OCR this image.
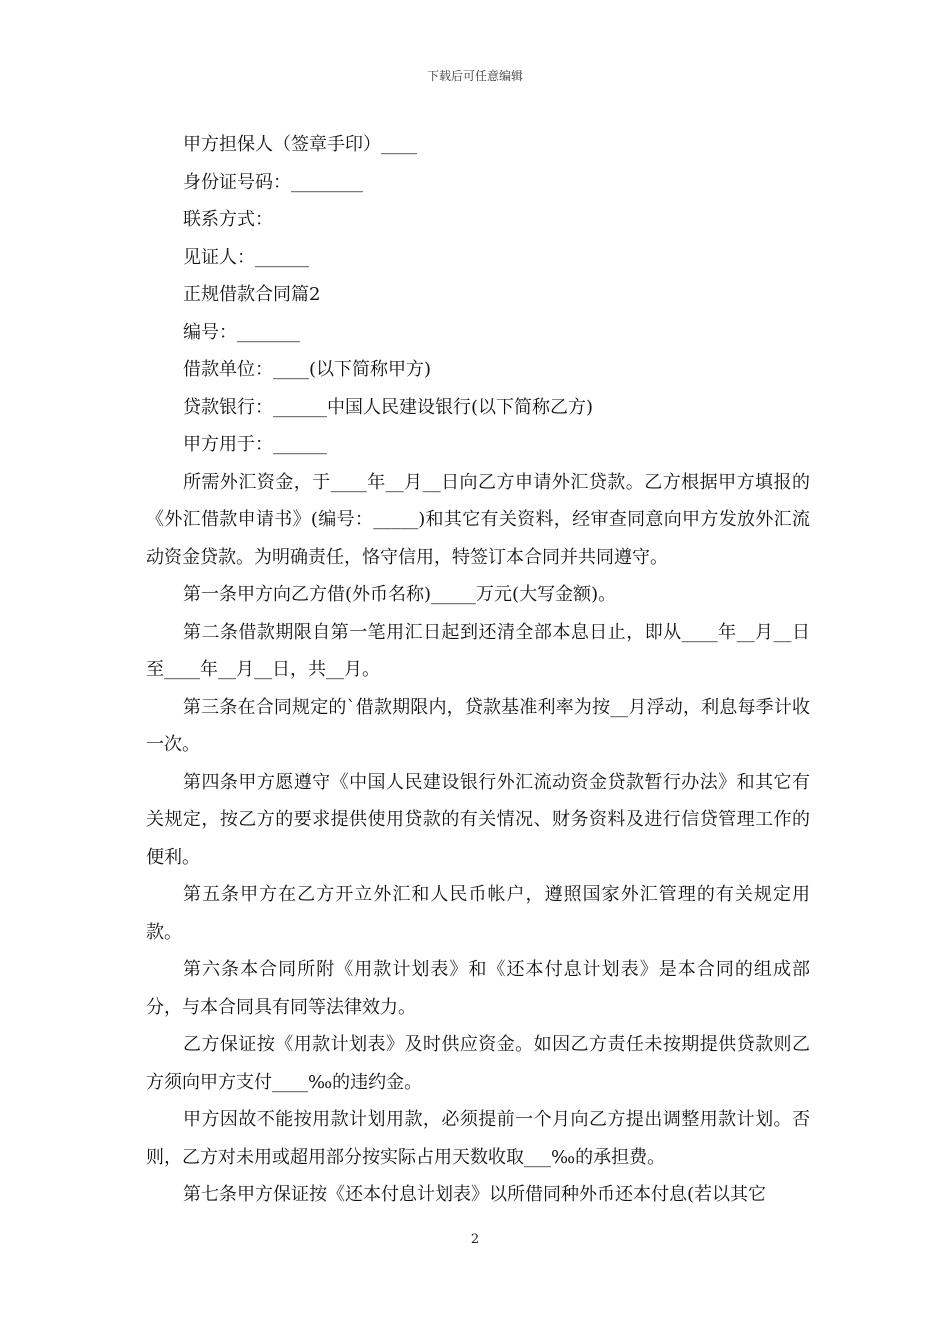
下载后可任意编辑
甲方担保人（签章手印）____
身份证号码：________
联系方式：
见证人：______
正规借款合同篇2
编号：_______
借款单位：____(以下简称甲方)
贷款银行：______中国人民建设银行(以下简称乙方)
甲方用于：______
所需外汇资金，于____年__月__日向乙方申请外汇贷款。乙方根据甲方填报的《外汇借款申请书》(编号：_____)和其它有关资料，经审查同意向甲方发放外汇流动资金贷款。为明确责任，恪守信用，特签订本合同并共同遵守。
第一条甲方向乙方借(外币名称)_____万元(大写金额)。
第二条借款期限自第一笔用汇日起到还清全部本息日止，即从____年__月__日至____年__月__日，共__月。
第三条在合同规定的`借款期限内，贷款基准利率为按__月浮动，利息每季计收一次。
第四条甲方愿遵守《中国人民建设银行外汇流动资金贷款暂行办法》和其它有关规定，按乙方的要求提供使用贷款的有关情况、财务资料及进行信贷管理工作的便利。
第五条甲方在乙方开立外汇和人民币帐户，遵照国家外汇管理的有关规定用款。
第六条本合同所附《用款计划表》和《还本付息计划表》是本合同的组成部分，与本合同具有同等法律效力。
乙方保证按《用款计划表》及时供应资金。如因乙方责任未按期提供贷款则乙方须向甲方支付____‰的违约金。
甲方因故不能按用款计划用款，必须提前一个月向乙方提出调整用款计划。否则，乙方对未用或超用部分按实际占用天数收取___‰的承担费。
第七条甲方保证按《还本付息计划表》以所借同种外币还本付息(若以其它
2
